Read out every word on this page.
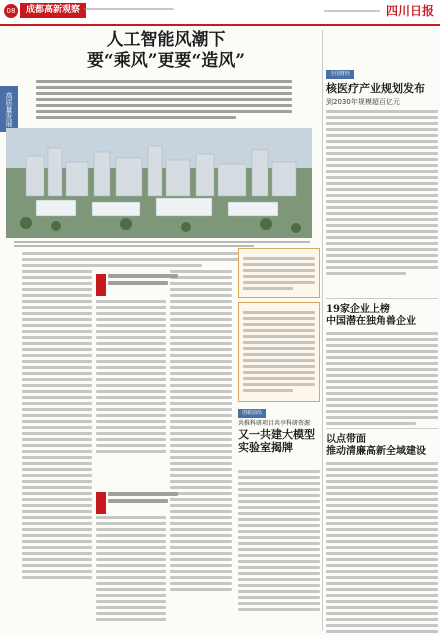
08	成都高新观察	四川日报
高质量发展
人工智能风潮下
要“乘风”更要“造风”
创新前沿
共推科研项目共享科研资源
又一共建大模型
实验室揭牌
全国财经
核医疗产业规划发布
到2030年规模超百亿元
19家企业上榜
中国潜在独角兽企业
以点带面
推动清廉高新全域建设
